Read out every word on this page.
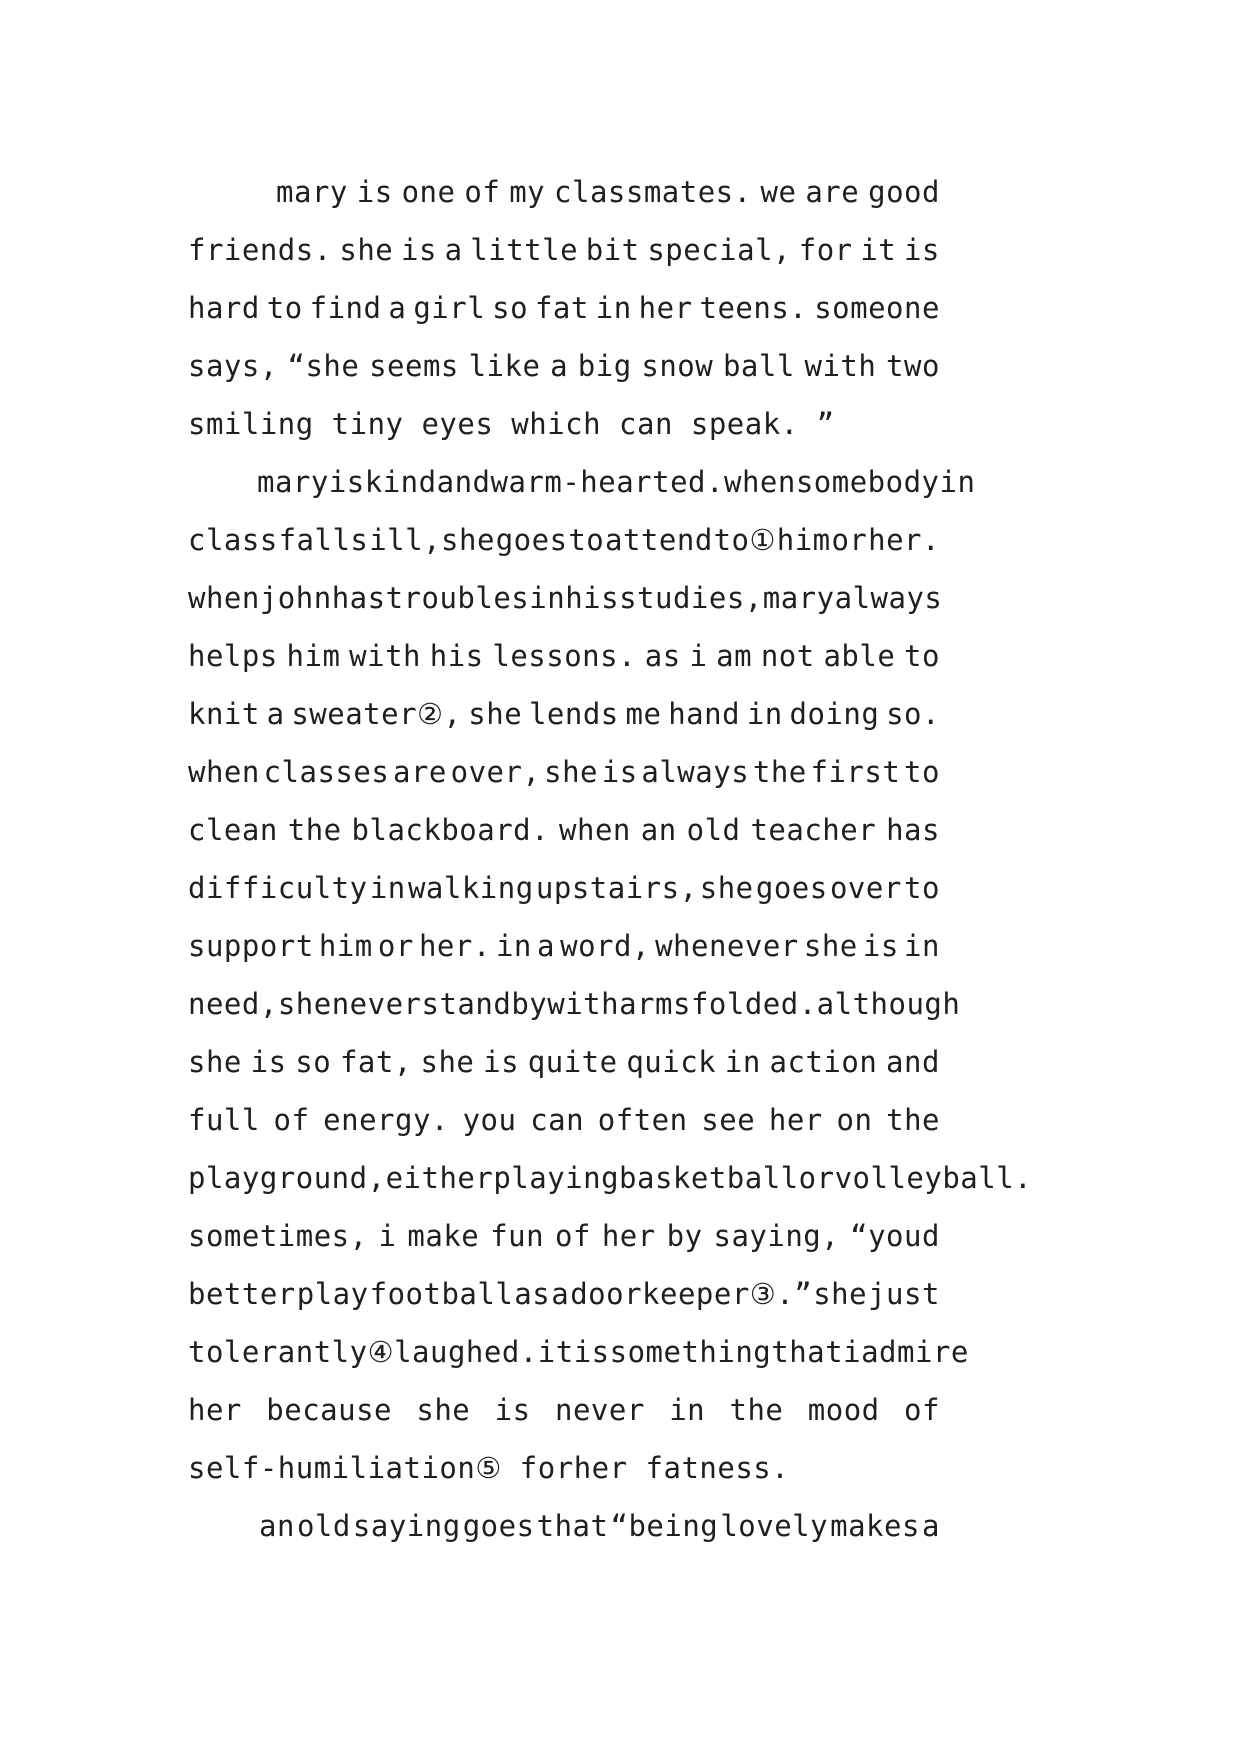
mary is one of my classmates. we are good
friends. she is a little bit special, for it is
hard to find a girl so fat in her teens. someone
says, “she seems like a big snow ball with two
smiling tiny eyes which can speak. ”
mary is kind and warm-hearted. when somebody in
class falls ill,she goes to attend to① him or her.
when john has troubles in his studies, mary always
helps him with his lessons. as i am not able to
knit a sweater②, she lends me hand in doing so.
when classes are over, she is always the first to
clean the blackboard. when an old teacher has
difficulty in walking upstairs, she goes over to
support him or her. in a word, whenever she is in
need, she never stand by with arms folded.although
she is so fat, she is quite quick in action and
full of energy. you can often see her on the
playground, either playing basketball or volleyball.
sometimes, i make fun of her by saying, “youd
better play football as a doorkeeper③.” she just
tolerantly④ laughed. it is something that i admire
her because she is never in the mood of
self-humiliation⑤ forher fatness.
an old saying goes that “being lovely makes a
